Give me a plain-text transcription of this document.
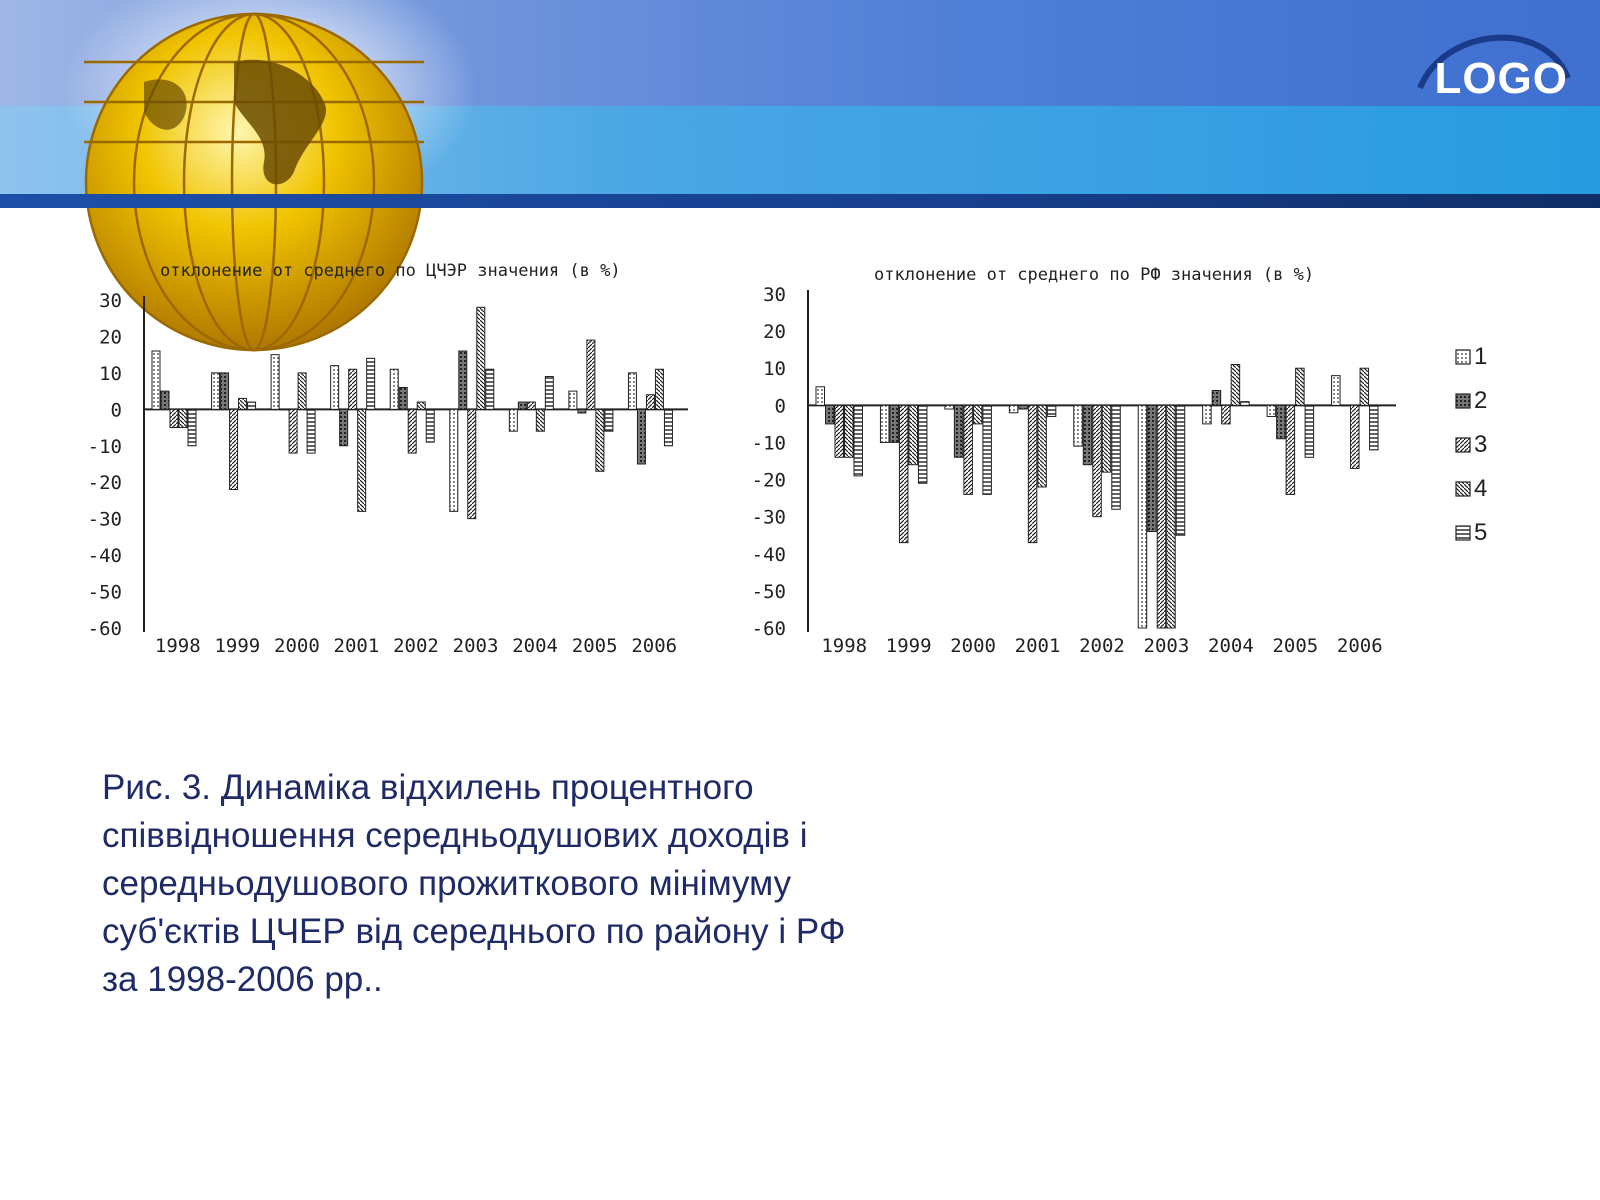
LOGO
отклонение от среднего по ЦЧЭР значения (в %)
30
20
10
0
-10
-20
-30
-40
-50
-60
1998 1999 2000 2001 2002 2003 2004 2005 2006
отклонение от среднего по РФ значения (в %)
30
20
10
0
-10
-20
-30
-40
-50
-60
1998 1999 2000 2001 2002 2003 2004 2005 2006
1
2
3
4
5

Рис. 3. Динаміка відхилень процентного співвідношення середньодушових доходів і середньодушового прожиткового мінімуму суб'єктів ЦЧЕР від середнього по району і РФ за 1998-2006 рр..
